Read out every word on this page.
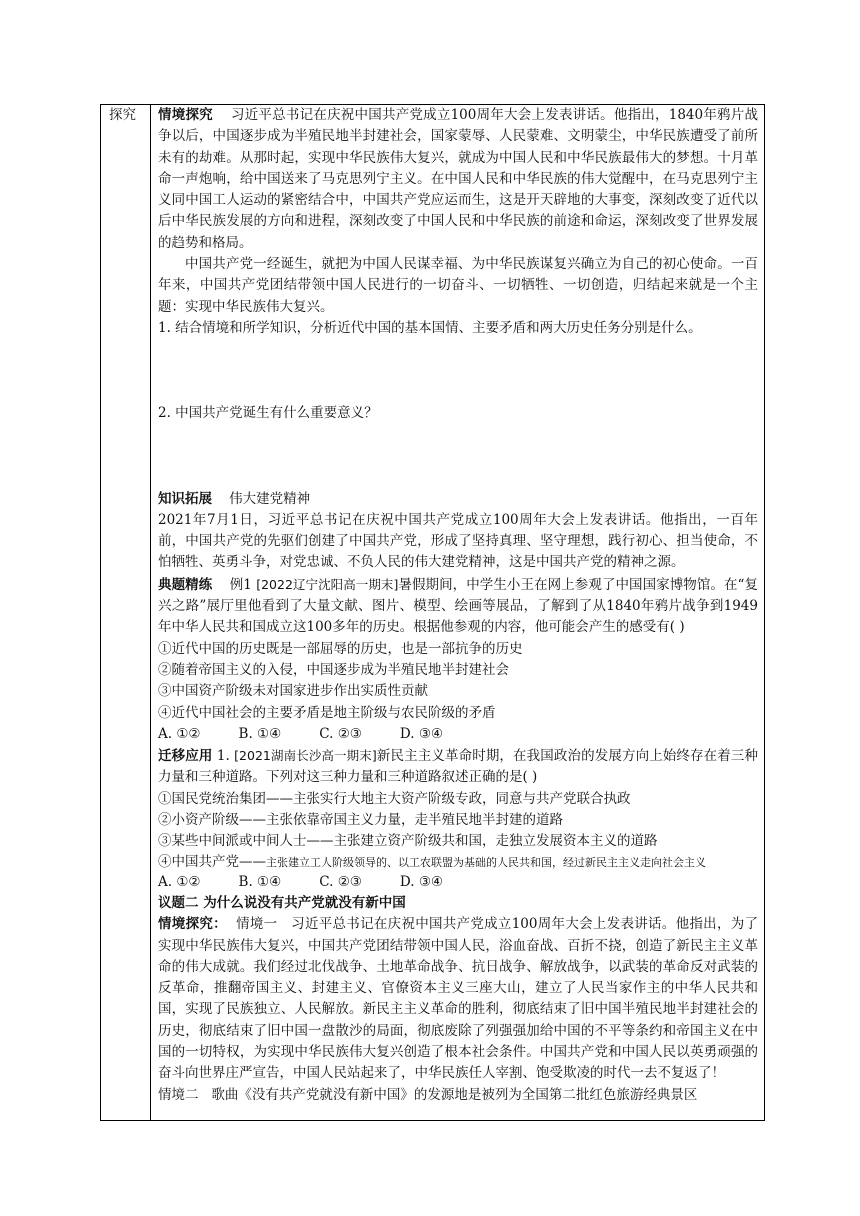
探究 情境探究 习近平总书记在庆祝中国共产党成立100周年大会上发表讲话。他指出，1840年鸦片战争以后，中国逐步成为半殖民地半封建社会，国家蒙辱、人民蒙难、文明蒙尘，中华民族遭受了前所未有的劫难。从那时起，实现中华民族伟大复兴，就成为中国人民和中华民族最伟大的梦想。十月革命一声炮响，给中国送来了马克思列宁主义。在中国人民和中华民族的伟大觉醒中，在马克思列宁主义同中国工人运动的紧密结合中，中国共产党应运而生，这是开天辟地的大事变，深刻改变了近代以后中华民族发展的方向和进程，深刻改变了中国人民和中华民族的前途和命运，深刻改变了世界发展的趋势和格局。

中国共产党一经诞生，就把为中国人民谋幸福、为中华民族谋复兴确立为自己的初心使命。一百年来，中国共产党团结带领中国人民进行的一切奋斗、一切牺牲、一切创造，归结起来就是一个主题：实现中华民族伟大复兴。

1. 结合情境和所学知识，分析近代中国的基本国情、主要矛盾和两大历史任务分别是什么。

2. 中国共产党诞生有什么重要意义？

知识拓展 伟大建党精神

2021年7月1日，习近平总书记在庆祝中国共产党成立100周年大会上发表讲话。他指出，一百年前，中国共产党的先驱们创建了中国共产党，形成了坚持真理、坚守理想，践行初心、担当使命，不怕牺牲、英勇斗争，对党忠诚、不负人民的伟大建党精神，这是中国共产党的精神之源。

典题精练 例1 [2022辽宁沈阳高一期末]暑假期间，中学生小王在网上参观了中国国家博物馆。在“复兴之路”展厅里他看到了大量文献、图片、模型、绘画等展品，了解到了从1840年鸦片战争到1949年中华人民共和国成立这100多年的历史。根据他参观的内容，他可能会产生的感受有( )

①近代中国的历史既是一部屈辱的历史，也是一部抗争的历史

②随着帝国主义的入侵，中国逐步成为半殖民地半封建社会

③中国资产阶级未对国家进步作出实质性贡献

④近代中国社会的主要矛盾是地主阶级与农民阶级的矛盾

A. ①②	B. ①④	C. ②③	D. ③④

迁移应用 1. [2021湖南长沙高一期末]新民主主义革命时期，在我国政治的发展方向上始终存在着三种力量和三种道路。下列对这三种力量和三种道路叙述正确的是( )

①国民党统治集团——主张实行大地主大资产阶级专政，同意与共产党联合执政

②小资产阶级——主张依靠帝国主义力量，走半殖民地半封建的道路

③某些中间派或中间人士——主张建立资产阶级共和国，走独立发展资本主义的道路

④中国共产党——主张建立工人阶级领导的、以工农联盟为基础的人民共和国，经过新民主主义走向社会主义

A. ①②	B. ①④	C. ②③	D. ③④

议题二 为什么说没有共产党就没有新中国

情境探究： 情境一 习近平总书记在庆祝中国共产党成立100周年大会上发表讲话。他指出，为了实现中华民族伟大复兴，中国共产党团结带领中国人民，浴血奋战、百折不挠，创造了新民主主义革命的伟大成就。我们经过北伐战争、土地革命战争、抗日战争、解放战争，以武装的革命反对武装的反革命，推翻帝国主义、封建主义、官僚资本主义三座大山，建立了人民当家作主的中华人民共和国，实现了民族独立、人民解放。新民主主义革命的胜利，彻底结束了旧中国半殖民地半封建社会的历史，彻底结束了旧中国一盘散沙的局面，彻底废除了列强强加给中国的不平等条约和帝国主义在中国的一切特权，为实现中华民族伟大复兴创造了根本社会条件。中国共产党和中国人民以英勇顽强的奋斗向世界庄严宣告，中国人民站起来了，中华民族任人宰割、饱受欺凌的时代一去不复返了！

情境二 歌曲《没有共产党就没有新中国》的发源地是被列为全国第二批红色旅游经典景区
